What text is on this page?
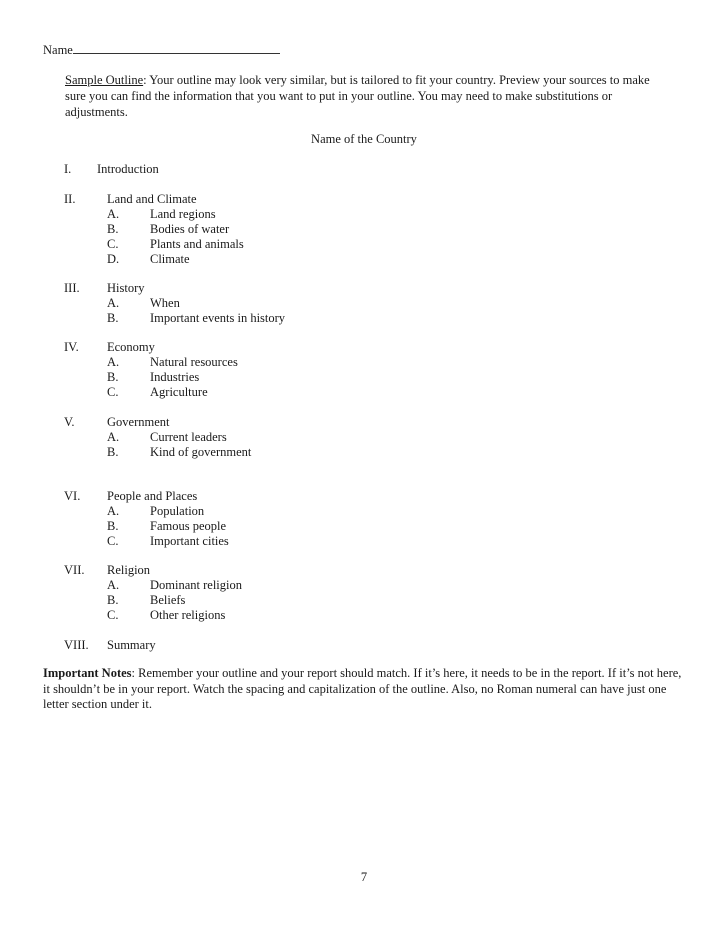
Name
Sample Outline: Your outline may look very similar, but is tailored to fit your country. Preview your sources to make sure you can find the information that you want to put in your outline. You may need to make substitutions or adjustments.
Name of the Country
I. Introduction
II.	Land and Climate
A. Land regions
B.	Bodies of water
C.	Plants and animals
D. Climate
III. History
A. When
B.	Important events in history
IV. Economy
A. Natural resources
B.	Industries
C.	Agriculture
V.	Government
A. Current leaders
B.	Kind of government
VI. People and Places
A. Population
B.	Famous people
C.	Important cities
VII. Religion
A. Dominant religion
B.	Beliefs
C.	Other religions
VIII. Summary
Important Notes: Remember your outline and your report should match. If it’s here, it needs to be in the report. If it’s not here, it shouldn’t be in your report. Watch the spacing and capitalization of the outline. Also, no Roman numeral can have just one letter section under it.
7
